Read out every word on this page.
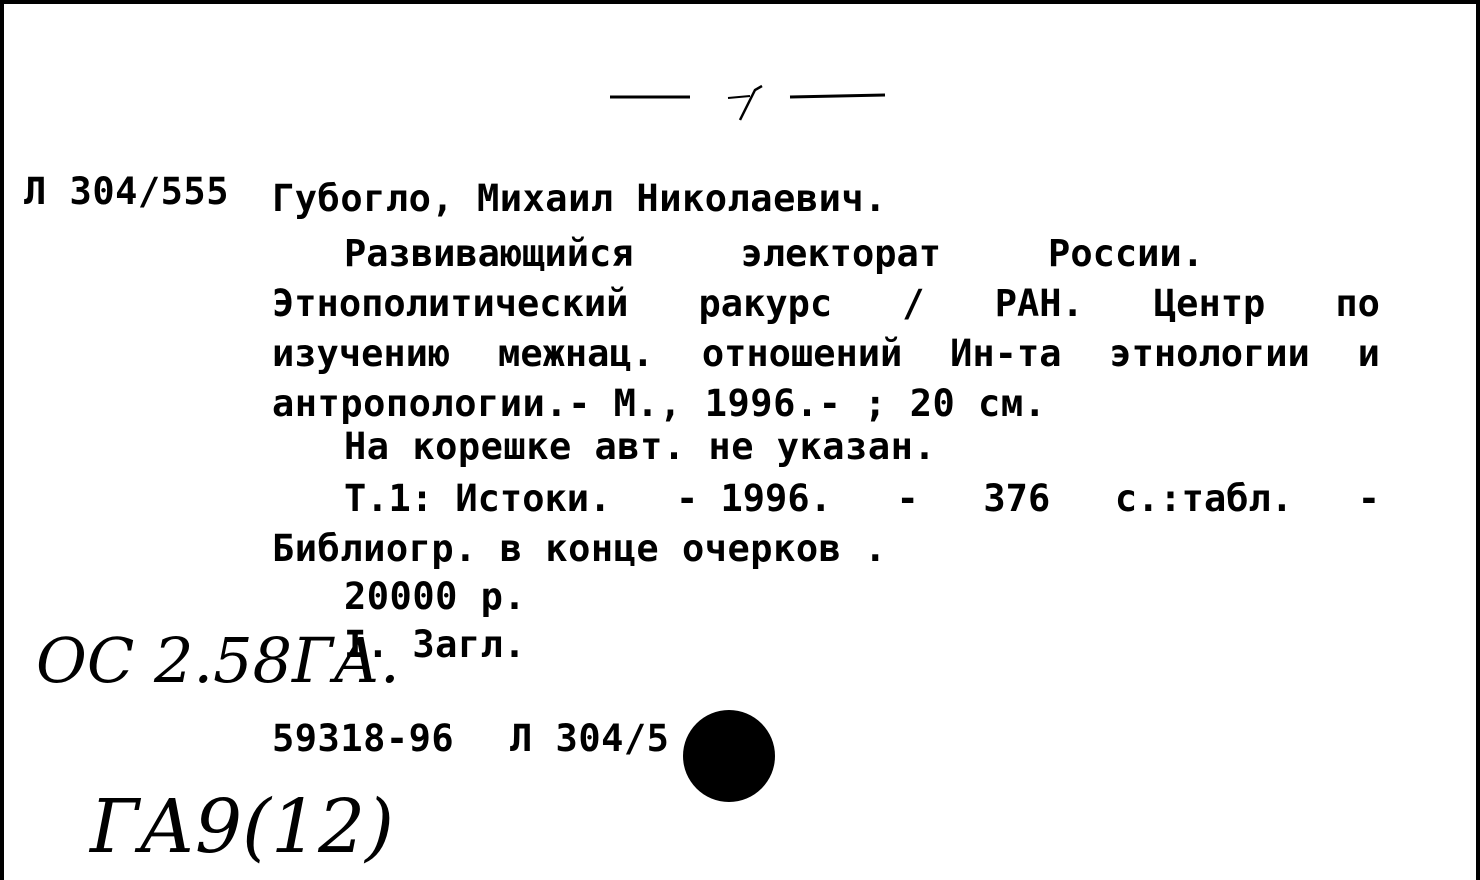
— / —
Л 304/555 Губогло, Михаил Николаевич.
Развивающийся	электорат	России.
Этнополитический ракурс / РАН. Центр по
изучению межнац. отношений Ин-та этнологии и
антропологии.- М., 1996.- ; 20 см.
На корешке авт. не указан.
Т.1: Истоки. - 1996. - 376 с.:табл. -
Библиогр. в конце очерков .
20000 р.
I. Загл.
ОС 2.58ГА.
59318-96 Л 304/5
ГА9(12)
